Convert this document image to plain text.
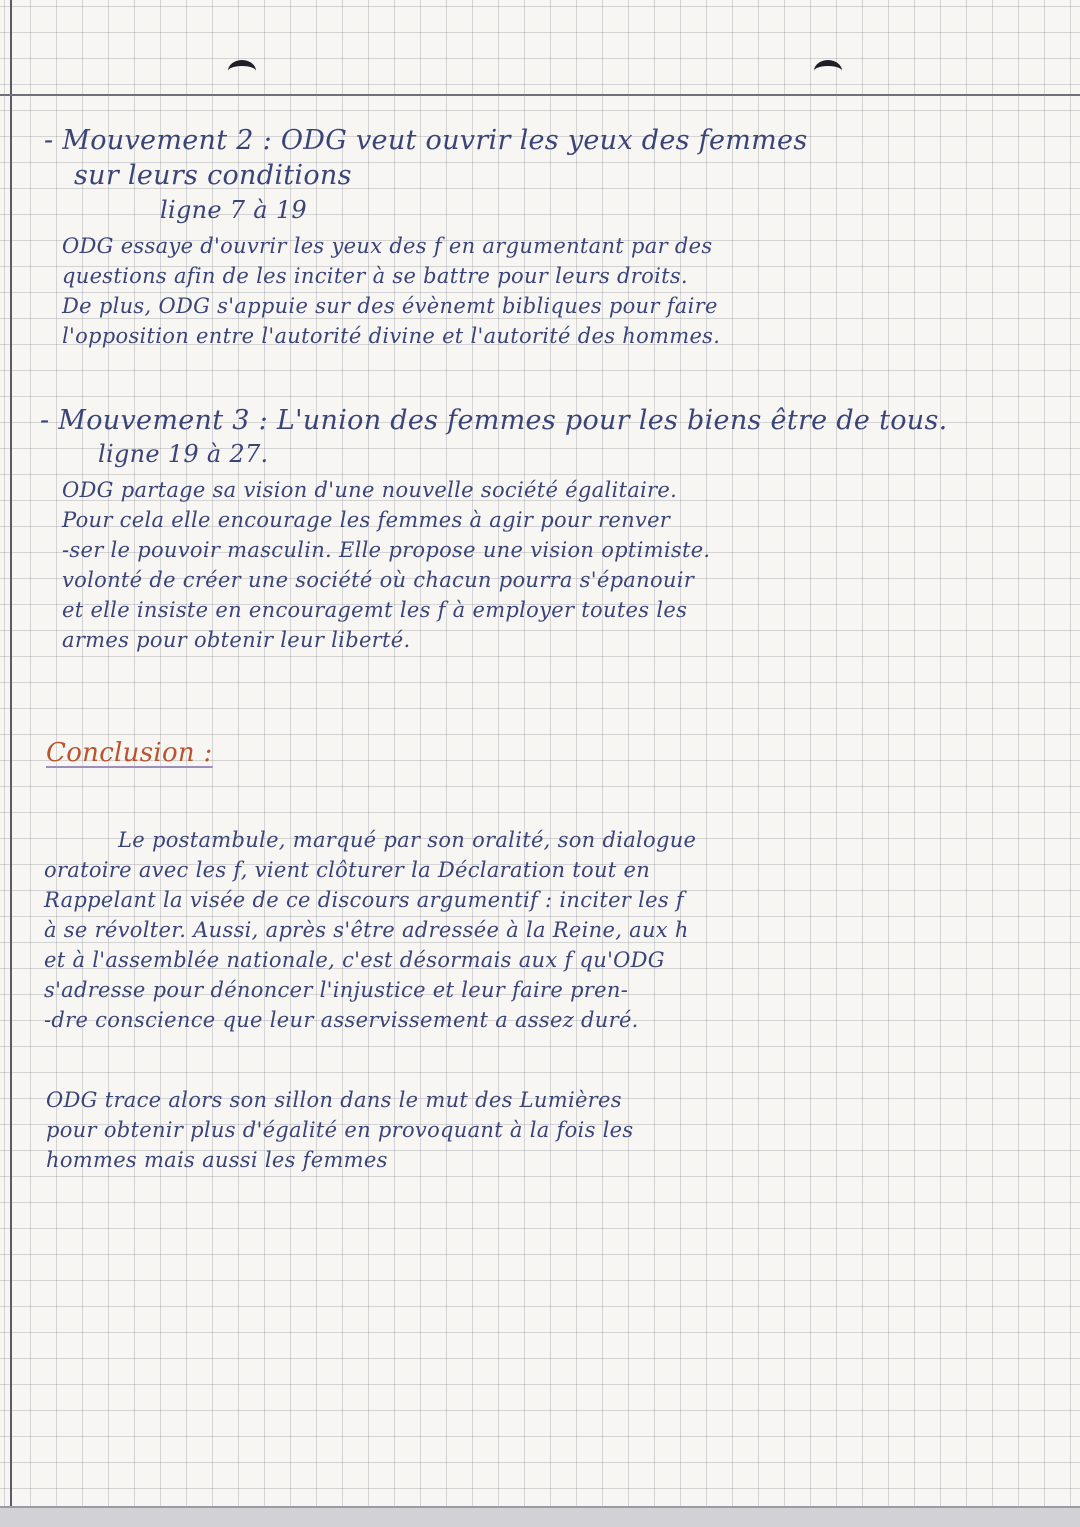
- Mouvement 2 : ODG veut ouvrir les yeux des femmes

sur leurs conditions

ligne 7 à 19

ODG essaye d'ouvrir les yeux des f en argumentant par des

questions afin de les inciter à se battre pour leurs droits.

De plus, ODG s'appuie sur des évènemt bibliques pour faire

l'opposition entre l'autorité divine et l'autorité des hommes.

- Mouvement 3 : L'union des femmes pour les biens être de tous.

ligne 19 à 27.

ODG partage sa vision d'une nouvelle société égalitaire.

Pour cela elle encourage les femmes à agir pour renver

-ser le pouvoir masculin. Elle propose une vision optimiste.

volonté de créer une société où chacun pourra s'épanouir

et elle insiste en encouragemt les f à employer toutes les

armes pour obtenir leur liberté.

Conclusion :

Le postambule, marqué par son oralité, son dialogue

oratoire avec les f, vient clôturer la Déclaration tout en

Rappelant la visée de ce discours argumentif : inciter les f

à se révolter. Aussi, après s'être adressée à la Reine, aux h

et à l'assemblée nationale, c'est désormais aux f qu'ODG

s'adresse pour dénoncer l'injustice et leur faire pren-

-dre conscience que leur asservissement a assez duré.

ODG trace alors son sillon dans le mut des Lumières

pour obtenir plus d'égalité en provoquant à la fois les

hommes mais aussi les femmes
